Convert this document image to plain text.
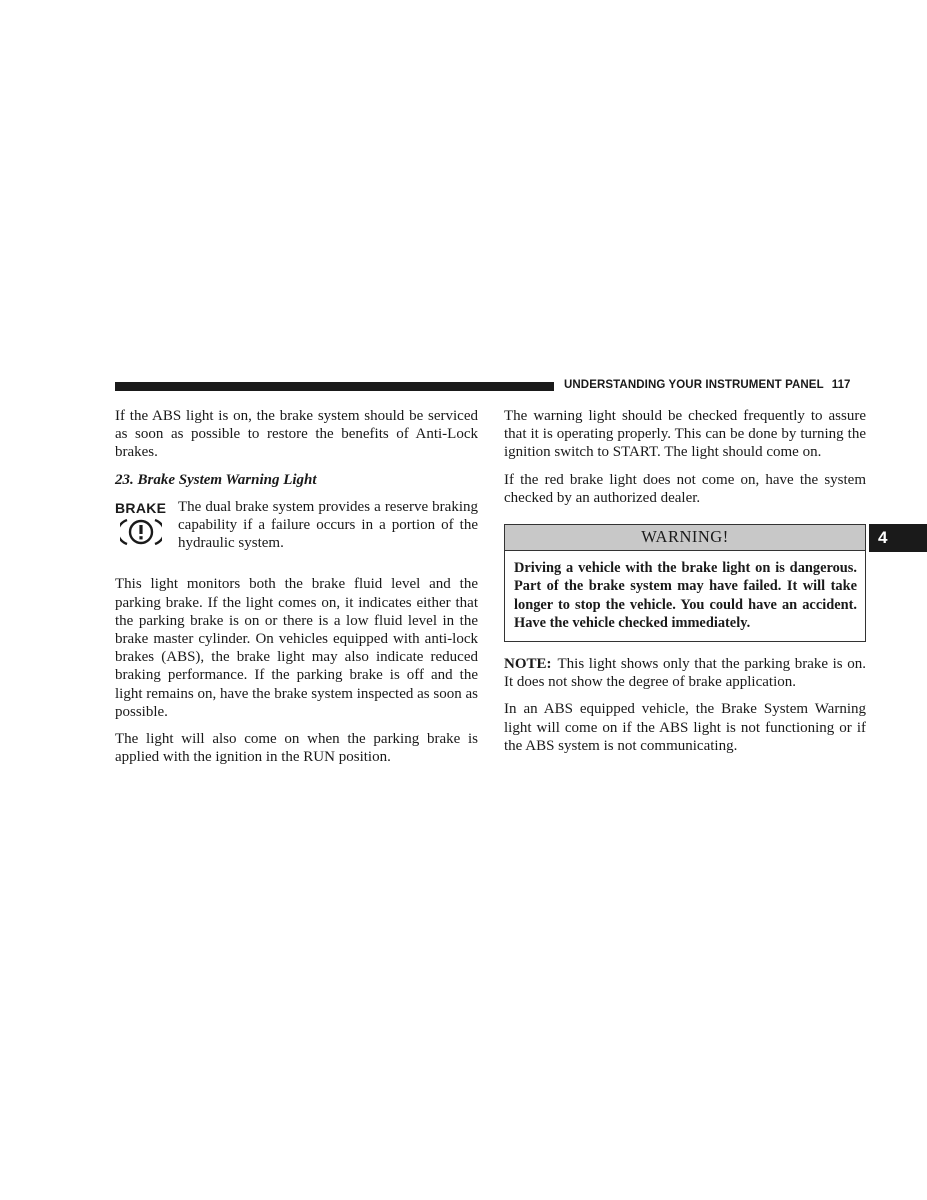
UNDERSTANDING YOUR INSTRUMENT PANEL 117

If the ABS light is on, the brake system should be serviced as soon as possible to restore the benefits of Anti-Lock brakes.

23. Brake System Warning Light

BRAKE The dual brake system provides a reserve braking capability if a failure occurs in a portion of the hydraulic system.

This light monitors both the brake fluid level and the parking brake. If the light comes on, it indicates either that the parking brake is on or there is a low fluid level in the brake master cylinder. On vehicles equipped with anti-lock brakes (ABS), the brake light may also indicate reduced braking performance. If the parking brake is off and the light remains on, have the brake system inspected as soon as possible.

The light will also come on when the parking brake is applied with the ignition in the RUN position.

The warning light should be checked frequently to assure that it is operating properly. This can be done by turning the ignition switch to START. The light should come on.

If the red brake light does not come on, have the system checked by an authorized dealer.

WARNING!
Driving a vehicle with the brake light on is dangerous. Part of the brake system may have failed. It will take longer to stop the vehicle. You could have an accident. Have the vehicle checked immediately.

NOTE: This light shows only that the parking brake is on. It does not show the degree of brake application.

In an ABS equipped vehicle, the Brake System Warning light will come on if the ABS light is not functioning or if the ABS system is not communicating.

4
